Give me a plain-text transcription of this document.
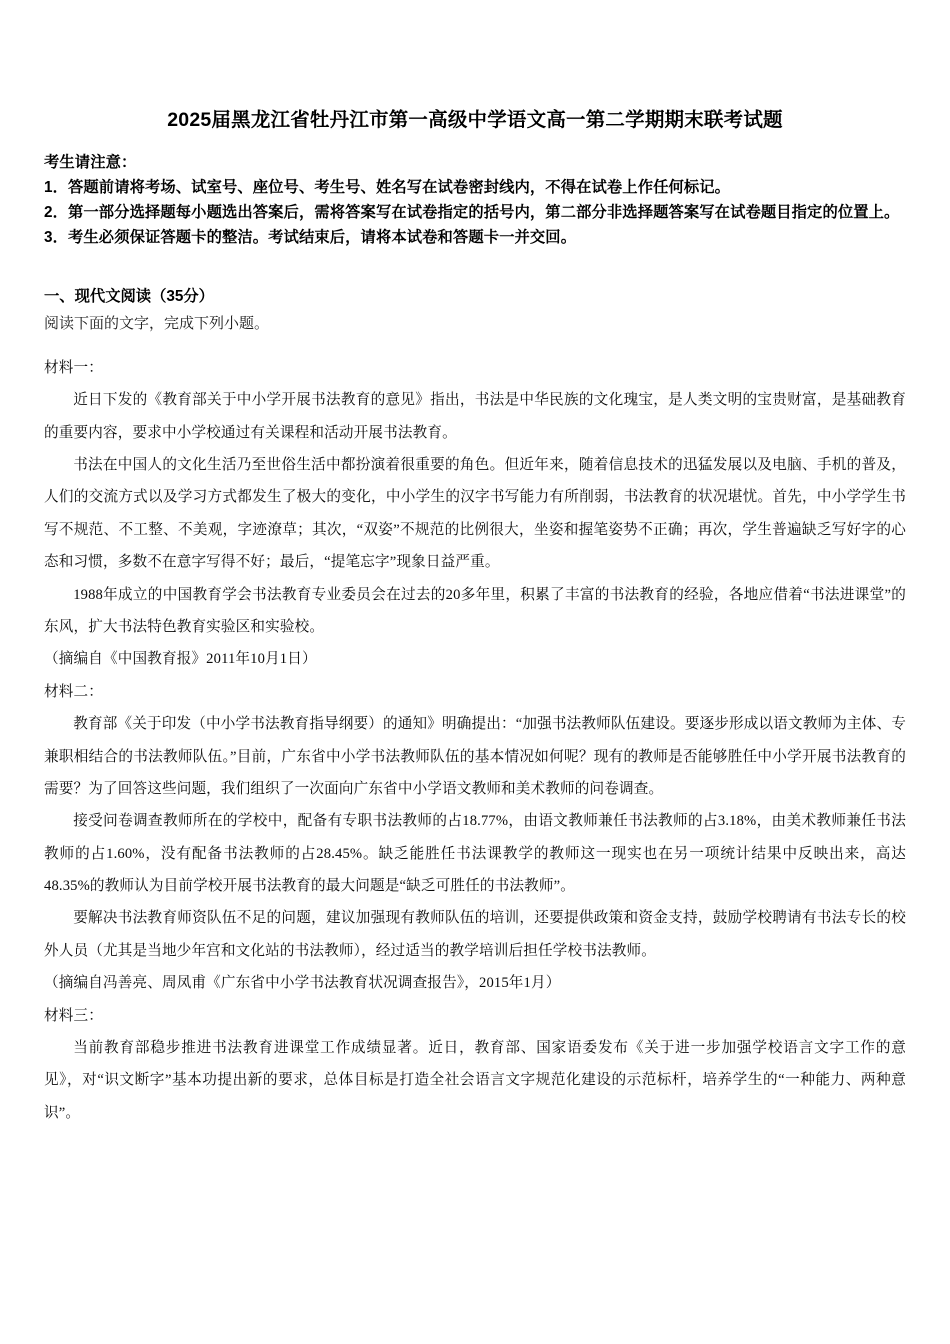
2025届黑龙江省牡丹江市第一高级中学语文高一第二学期期末联考试题

考生请注意：

1．答题前请将考场、试室号、座位号、考生号、姓名写在试卷密封线内，不得在试卷上作任何标记。

2．第一部分选择题每小题选出答案后，需将答案写在试卷指定的括号内，第二部分非选择题答案写在试卷题目指定的位置上。

3．考生必须保证答题卡的整洁。考试结束后，请将本试卷和答题卡一并交回。

一、现代文阅读（35分）

阅读下面的文字，完成下列小题。

材料一：

近日下发的《教育部关于中小学开展书法教育的意见》指出，书法是中华民族的文化瑰宝，是人类文明的宝贵财富，是基础教育的重要内容，要求中小学校通过有关课程和活动开展书法教育。

书法在中国人的文化生活乃至世俗生活中都扮演着很重要的角色。但近年来，随着信息技术的迅猛发展以及电脑、手机的普及，人们的交流方式以及学习方式都发生了极大的变化，中小学生的汉字书写能力有所削弱，书法教育的状况堪忧。首先，中小学学生书写不规范、不工整、不美观，字迹潦草；其次，“双姿”不规范的比例很大，坐姿和握笔姿势不正确；再次，学生普遍缺乏写好字的心态和习惯，多数不在意字写得不好；最后，“提笔忘字”现象日益严重。

1988年成立的中国教育学会书法教育专业委员会在过去的20多年里，积累了丰富的书法教育的经验，各地应借着“书法进课堂”的东风，扩大书法特色教育实验区和实验校。

（摘编自《中国教育报》2011年10月1日）

材料二：

教育部《关于印发（中小学书法教育指导纲要）的通知》明确提出：“加强书法教师队伍建设。要逐步形成以语文教师为主体、专兼职相结合的书法教师队伍。”目前，广东省中小学书法教师队伍的基本情况如何呢？现有的教师是否能够胜任中小学开展书法教育的需要？为了回答这些问题，我们组织了一次面向广东省中小学语文教师和美术教师的问卷调查。

接受问卷调查教师所在的学校中，配备有专职书法教师的占18.77%，由语文教师兼任书法教师的占3.18%，由美术教师兼任书法教师的占1.60%，没有配备书法教师的占28.45%。缺乏能胜任书法课教学的教师这一现实也在另一项统计结果中反映出来，高达48.35%的教师认为目前学校开展书法教育的最大问题是“缺乏可胜任的书法教师”。

要解决书法教育师资队伍不足的问题，建议加强现有教师队伍的培训，还要提供政策和资金支持，鼓励学校聘请有书法专长的校外人员（尤其是当地少年宫和文化站的书法教师），经过适当的教学培训后担任学校书法教师。

（摘编自冯善亮、周凤甫《广东省中小学书法教育状况调查报告》，2015年1月）

材料三：

当前教育部稳步推进书法教育进课堂工作成绩显著。近日，教育部、国家语委发布《关于进一步加强学校语言文字工作的意见》，对“识文断字”基本功提出新的要求，总体目标是打造全社会语言文字规范化建设的示范标杆，培养学生的“一种能力、两种意识”。
